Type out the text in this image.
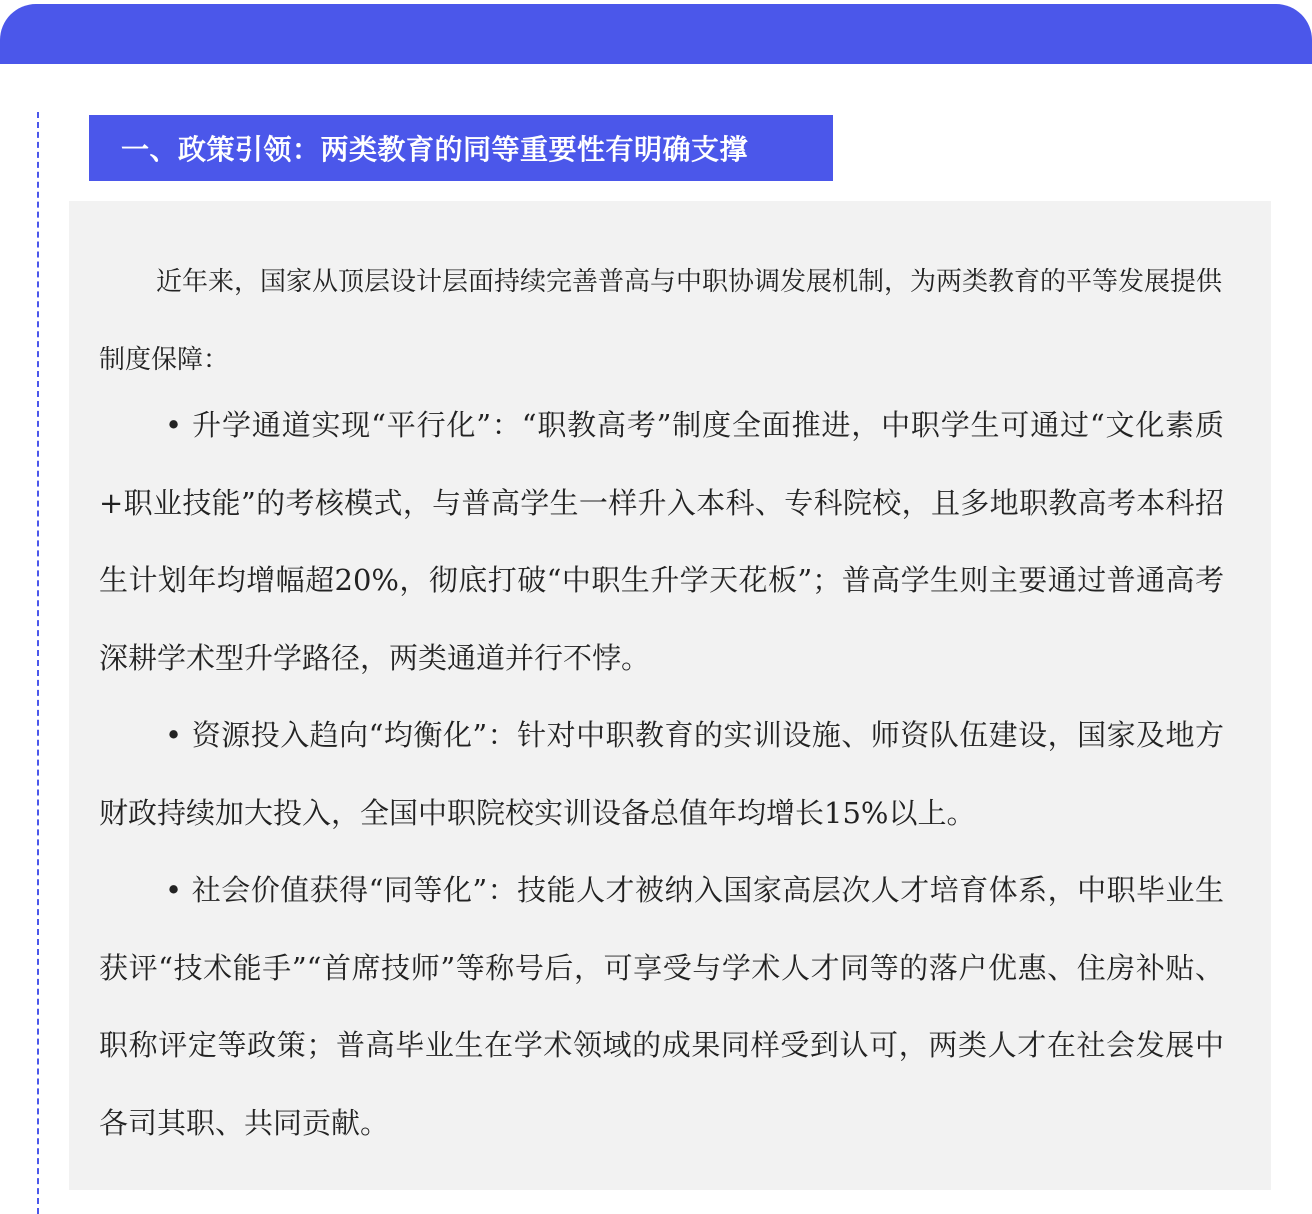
一、政策引领：两类教育的同等重要性有明确支撑

近年来，国家从顶层设计层面持续完善普高与中职协调发展机制，为两类教育的平等发展提供制度保障：

• 升学通道实现“平行化”：“职教高考”制度全面推进，中职学生可通过“文化素质+职业技能”的考核模式，与普高学生一样升入本科、专科院校，且多地职教高考本科招生计划年均增幅超20%，彻底打破“中职生升学天花板”；普高学生则主要通过普通高考深耕学术型升学路径，两类通道并行不悖。

• 资源投入趋向“均衡化”：针对中职教育的实训设施、师资队伍建设，国家及地方财政持续加大投入，全国中职院校实训设备总值年均增长15%以上。

• 社会价值获得“同等化”：技能人才被纳入国家高层次人才培育体系，中职毕业生获评“技术能手”“首席技师”等称号后，可享受与学术人才同等的落户优惠、住房补贴、职称评定等政策；普高毕业生在学术领域的成果同样受到认可，两类人才在社会发展中各司其职、共同贡献。
